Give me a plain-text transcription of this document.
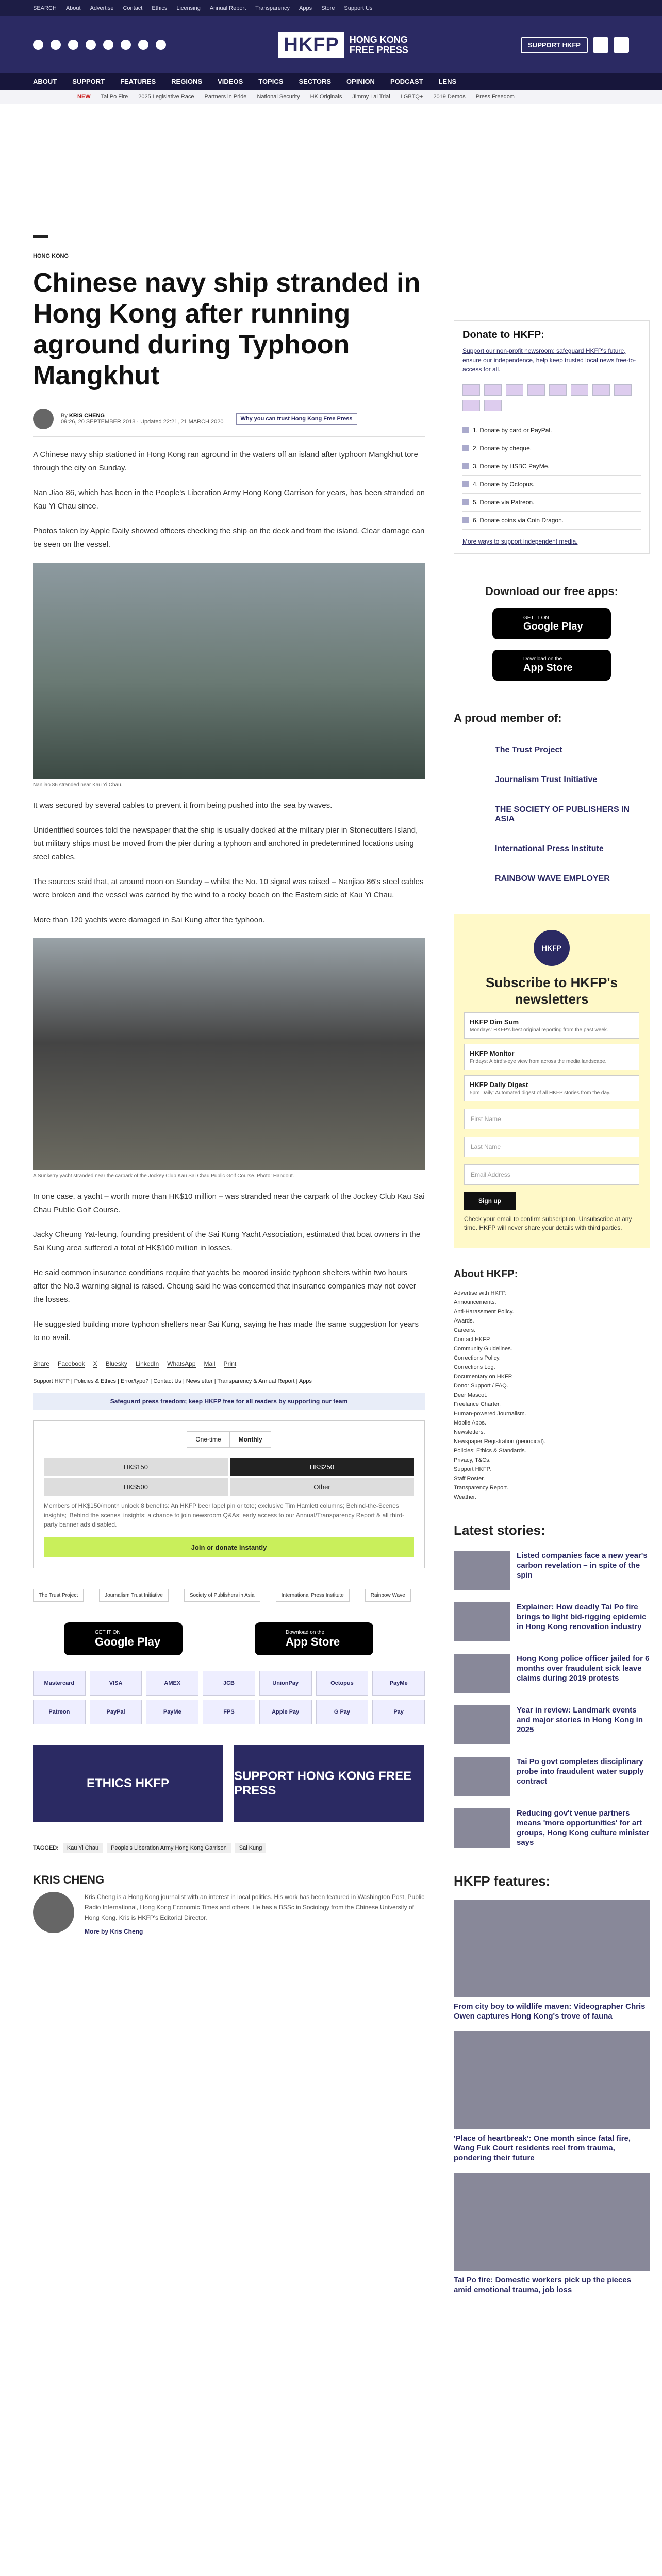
SEARCH About Advertise Contact Ethics Licensing Annual Report Transparency Apps Store Support Us
HKFP	HONG KONG
FREE PRESS	SUPPORT HKFP
ABOUT SUPPORT FEATURES REGIONS VIDEOS TOPICS SECTORS OPINION PODCAST LENS
NEW Tai Po Fire 2025 Legislative Race Partners in Pride National Security HK Originals Jimmy Lai Trial LGBTQ+ 2019 Demos Press Freedom
HONG KONG
Chinese navy ship stranded in Hong Kong after running aground during Typhoon Mangkhut
By KRIS CHENG
09:26, 20 SEPTEMBER 2018 · Updated 22:21, 21 MARCH 2020	Why you can trust Hong Kong Free Press

A Chinese navy ship stationed in Hong Kong ran aground in the waters off an island after typhoon Mangkhut tore through the city on Sunday.

Nan Jiao 86, which has been in the People's Liberation Army Hong Kong Garrison for years, has been stranded on Kau Yi Chau since.

Photos taken by Apple Daily showed officers checking the ship on the deck and from the island. Clear damage can be seen on the vessel.

Nanjiao 86 stranded near Kau Yi Chau.

It was secured by several cables to prevent it from being pushed into the sea by waves.

Unidentified sources told the newspaper that the ship is usually docked at the military pier in Stonecutters Island, but military ships must be moved from the pier during a typhoon and anchored in predetermined locations using steel cables.

The sources said that, at around noon on Sunday – whilst the No. 10 signal was raised – Nanjiao 86's steel cables were broken and the vessel was carried by the wind to a rocky beach on the Eastern side of Kau Yi Chau.

More than 120 yachts were damaged in Sai Kung after the typhoon.

A Sunkerry yacht stranded near the carpark of the Jockey Club Kau Sai Chau Public Golf Course. Photo: Handout.

In one case, a yacht – worth more than HK$10 million – was stranded near the carpark of the Jockey Club Kau Sai Chau Public Golf Course.

Jacky Cheung Yat-leung, founding president of the Sai Kung Yacht Association, estimated that boat owners in the Sai Kung area suffered a total of HK$100 million in losses.

He said common insurance conditions require that yachts be moored inside typhoon shelters within two hours after the No.3 warning signal is raised. Cheung said he was concerned that insurance companies may not cover the losses.

He suggested building more typhoon shelters near Sai Kung, saying he has made the same suggestion for years to no avail.

Share Facebook X Bluesky LinkedIn WhatsApp Mail Print
Support HKFP | Policies & Ethics | Error/typo? | Contact Us | Newsletter | Transparency & Annual Report | Apps
Safeguard press freedom; keep HKFP free for all readers by supporting our team
One-time	Monthly
HK$150	HK$250
HK$500	Other
Members of HK$150/month unlock 8 benefits: An HKFP beer lapel pin or tote; exclusive Tim Hamlett columns; Behind-the-Scenes insights; 'Behind the scenes' insights; a chance to join newsroom Q&As; early access to our Annual/Transparency Report & all third-party banner ads disabled.
Join or donate instantly
The Trust Project	Journalism Trust Initiative	Society of Publishers in Asia	International Press Institute	Rainbow Wave
GET IT ON
Google Play
Download on the
App Store
Mastercard	VISA	AMEX	JCB	UnionPay	Octopus	PayMe
Patreon	PayPal	PayMe	FPS	Apple Pay	G Pay	Pay
ETHICS HKFP
SUPPORT HONG KONG FREE PRESS
TAGGED:	Kau Yi Chau	People's Liberation Army Hong Kong Garrison	Sai Kung
KRIS CHENG

Kris Cheng is a Hong Kong journalist with an interest in local politics. His work has been featured in Washington Post, Public Radio International, Hong Kong Economic Times and others. He has a BSSc in Sociology from the Chinese University of Hong Kong. Kris is HKFP's Editorial Director.

More by Kris Cheng
Donate to HKFP:
Support our non-profit newsroom: safeguard HKFP's future, ensure our independence, help keep trusted local news free-to-access for all.
1. Donate by card or PayPal.
2. Donate by cheque.
3. Donate by HSBC PayMe.
4. Donate by Octopus.
5. Donate via Patreon.
6. Donate coins via Coin Dragon.
More ways to support independent media.
Download our free apps:
GET IT ON
Google Play
Download on the
App Store
A proud member of:
The Trust Project
Journalism Trust Initiative
THE SOCIETY OF PUBLISHERS IN ASIA
International Press Institute
RAINBOW WAVE EMPLOYER
HKFP
Subscribe to HKFP's newsletters
HKFP Dim Sum
Mondays: HKFP's best original reporting from the past week.
HKFP Monitor
Fridays: A bird's-eye view from across the media landscape.
HKFP Daily Digest
5pm Daily: Automated digest of all HKFP stories from the day.
First Name
Last Name
Email Address
Sign up
Check your email to confirm subscription. Unsubscribe at any time. HKFP will never share your details with third parties.
About HKFP:
Advertise with HKFP.
Announcements.
Anti-Harassment Policy.
Awards.
Careers.
Contact HKFP.
Community Guidelines.
Corrections Policy.
Corrections Log.
Documentary on HKFP.
Donor Support / FAQ.
Deer Mascot.
Freelance Charter.
Human-powered Journalism.
Mobile Apps.
Newsletters.
Newspaper Registration (periodical).
Policies: Ethics & Standards.
Privacy, T&Cs.
Support HKFP.
Staff Roster.
Transparency Report.
Weather.
Latest stories:

Listed companies face a new year's carbon revelation – in spite of the spin

Explainer: How deadly Tai Po fire brings to light bid-rigging epidemic in Hong Kong renovation industry

Hong Kong police officer jailed for 6 months over fraudulent sick leave claims during 2019 protests

Year in review: Landmark events and major stories in Hong Kong in 2025

Tai Po govt completes disciplinary probe into fraudulent water supply contract

Reducing gov't venue partners means 'more opportunities' for art groups, Hong Kong culture minister says

HKFP features:

From city boy to wildlife maven: Videographer Chris Owen captures Hong Kong's trove of fauna

'Place of heartbreak': One month since fatal fire, Wang Fuk Court residents reel from trauma, pondering their future

Tai Po fire: Domestic workers pick up the pieces amid emotional trauma, job loss
